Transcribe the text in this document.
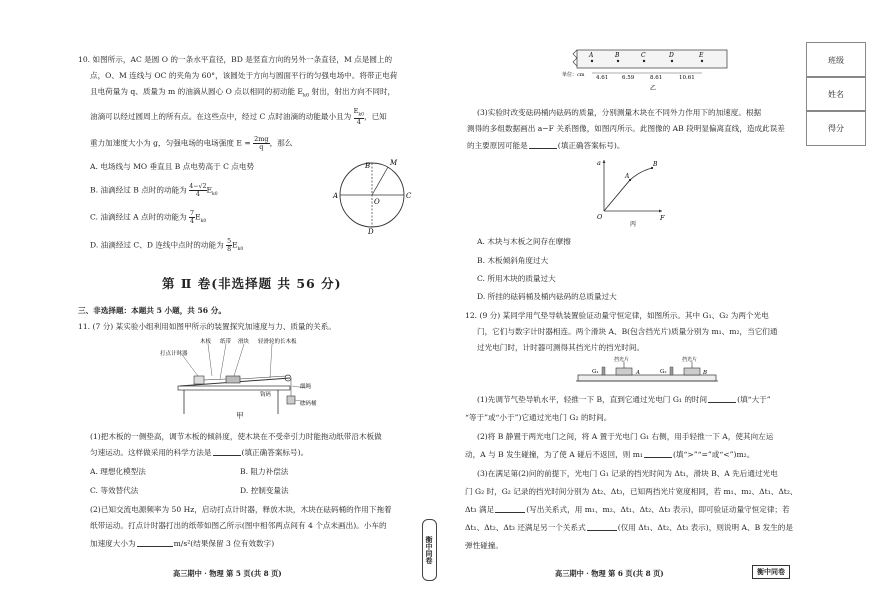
10. 如图所示，AC 是圆 O 的一条水平直径，BD 是竖直方向的另外一条直径，M 点是圆上的
点，O、M 连线与 OC 的夹角为 60°，该圆处于方向与圆面平行的匀强电场中。将带正电荷
且电荷量为 q、质量为 m 的油滴从圆心 O 点以相同的初动能 $E_{k0}$ 射出，射出方向不同时，
油滴可以经过圆周上的所有点。在这些点中，经过 C 点时油滴的动能最小且为 $\frac{E_{k0}}{4}$ ，已知
重力加速度大小为 g，匀强电场的电场强度 $E = \frac{2mg}{q}$ ，那么
A. 电场线与 MO 垂直且 B 点电势高于 C 点电势
B. 油滴经过 B 点时的动能为 $\frac{4-√2}{4} E_{k0}$
C. 油滴经过 A 点时的动能为 $\frac{7}{4} E_{k0}$
D. 油滴经过 C、D 连线中点时的动能为 $\frac{5}{8} E_{k0}$
A
B
C
D
M
O
第 Ⅱ 卷(非选择题 共 56 分)
三、非选择题：本题共 5 小题，共 56 分。
11. (7 分) 某实验小组利用如图甲所示的装置探究加速度与力、质量的关系。
打点计时器
木板 纸带 滑块 轻滑轮的长木板
细绳
砝码桶
钩码
甲
(1)把木板的一侧垫高，调节木板的倾斜度，使木块在不受牵引力时能拖动纸带沿木板做
匀速运动。这样做采用的科学方法是	(填正确答案标号)。
A. 理想化模型法	B. 阻力补偿法
C. 等效替代法	D. 控制变量法
(2)已知交流电源频率为 50 Hz，启动打点计时器，释放木块，木块在砝码桶的作用下拖着
纸带运动。打点计时器打出的纸带如图乙所示(图中相邻两点间有 4 个点未画出)。小车的
加速度大小为	m/s²(结果保留 3 位有效数字)
高三期中 · 物理 第 5 页(共 8 页)
衡中同卷
A	B	C	D	E
单位：cm 4.61	6.59	8.61	10.61
乙
(3)实验时改变砝码桶内砝码的质量，分别测量木块在不同外力作用下的加速度。根据
测得的多组数据画出 a−F 关系图像，如图丙所示。此图像的 AB 段明显偏离直线，造成此误差
的主要原因可能是	(填正确答案标号)。
a
F
O
A
B
丙
A. 木块与木板之间存在摩擦
B. 木板倾斜角度过大
C. 所用木块的质量过大
D. 所挂的砝码桶及桶内砝码的总质量过大
12. (9 分) 某同学用气垫导轨装置验证动量守恒定律，如图所示。其中 G₁、G₂ 为两个光电
门，它们与数字计时器相连。两个滑块 A、B(包含挡光片)质量分别为 m₁、m₂，当它们通
过光电门时，计时器可测得其挡光片的挡光时间。
挡光片	挡光片
G₁	G₂
A	B
(1)先调节气垫导轨水平，轻推一下 B，直到它通过光电门 G₁ 的时间	(填“大于”
“等于”或“小于”)它通过光电门 G₂ 的时间。
(2)将 B 静置于两光电门之间，将 A 置于光电门 G₁ 右侧，用手轻推一下 A，使其向左运
动，A 与 B 发生碰撞，为了使 A 碰后不返回，则 m₁	(填“>”“=”或“<”)m₂。
(3)在满足第(2)问的前提下，光电门 G₁ 记录的挡光时间为 Δt₁，滑块 B、A 先后通过光电
门 G₂ 时，G₂ 记录的挡光时间分别为 Δt₂、Δt₃，已知两挡光片宽度相同，若 m₁、m₂、Δt₁、Δt₂、
Δt₃ 满足	(写出关系式，用 m₁、m₂、Δt₁、Δt₂、Δt₃ 表示)，即可验证动量守恒定律；若
Δt₁、Δt₂、Δt₃ 还满足另一个关系式	(仅用 Δt₁、Δt₂、Δt₃ 表示)，则说明 A、B 发生的是
弹性碰撞。
高三期中 · 物理 第 6 页(共 8 页)	衡中同卷
班级
姓名
得分
